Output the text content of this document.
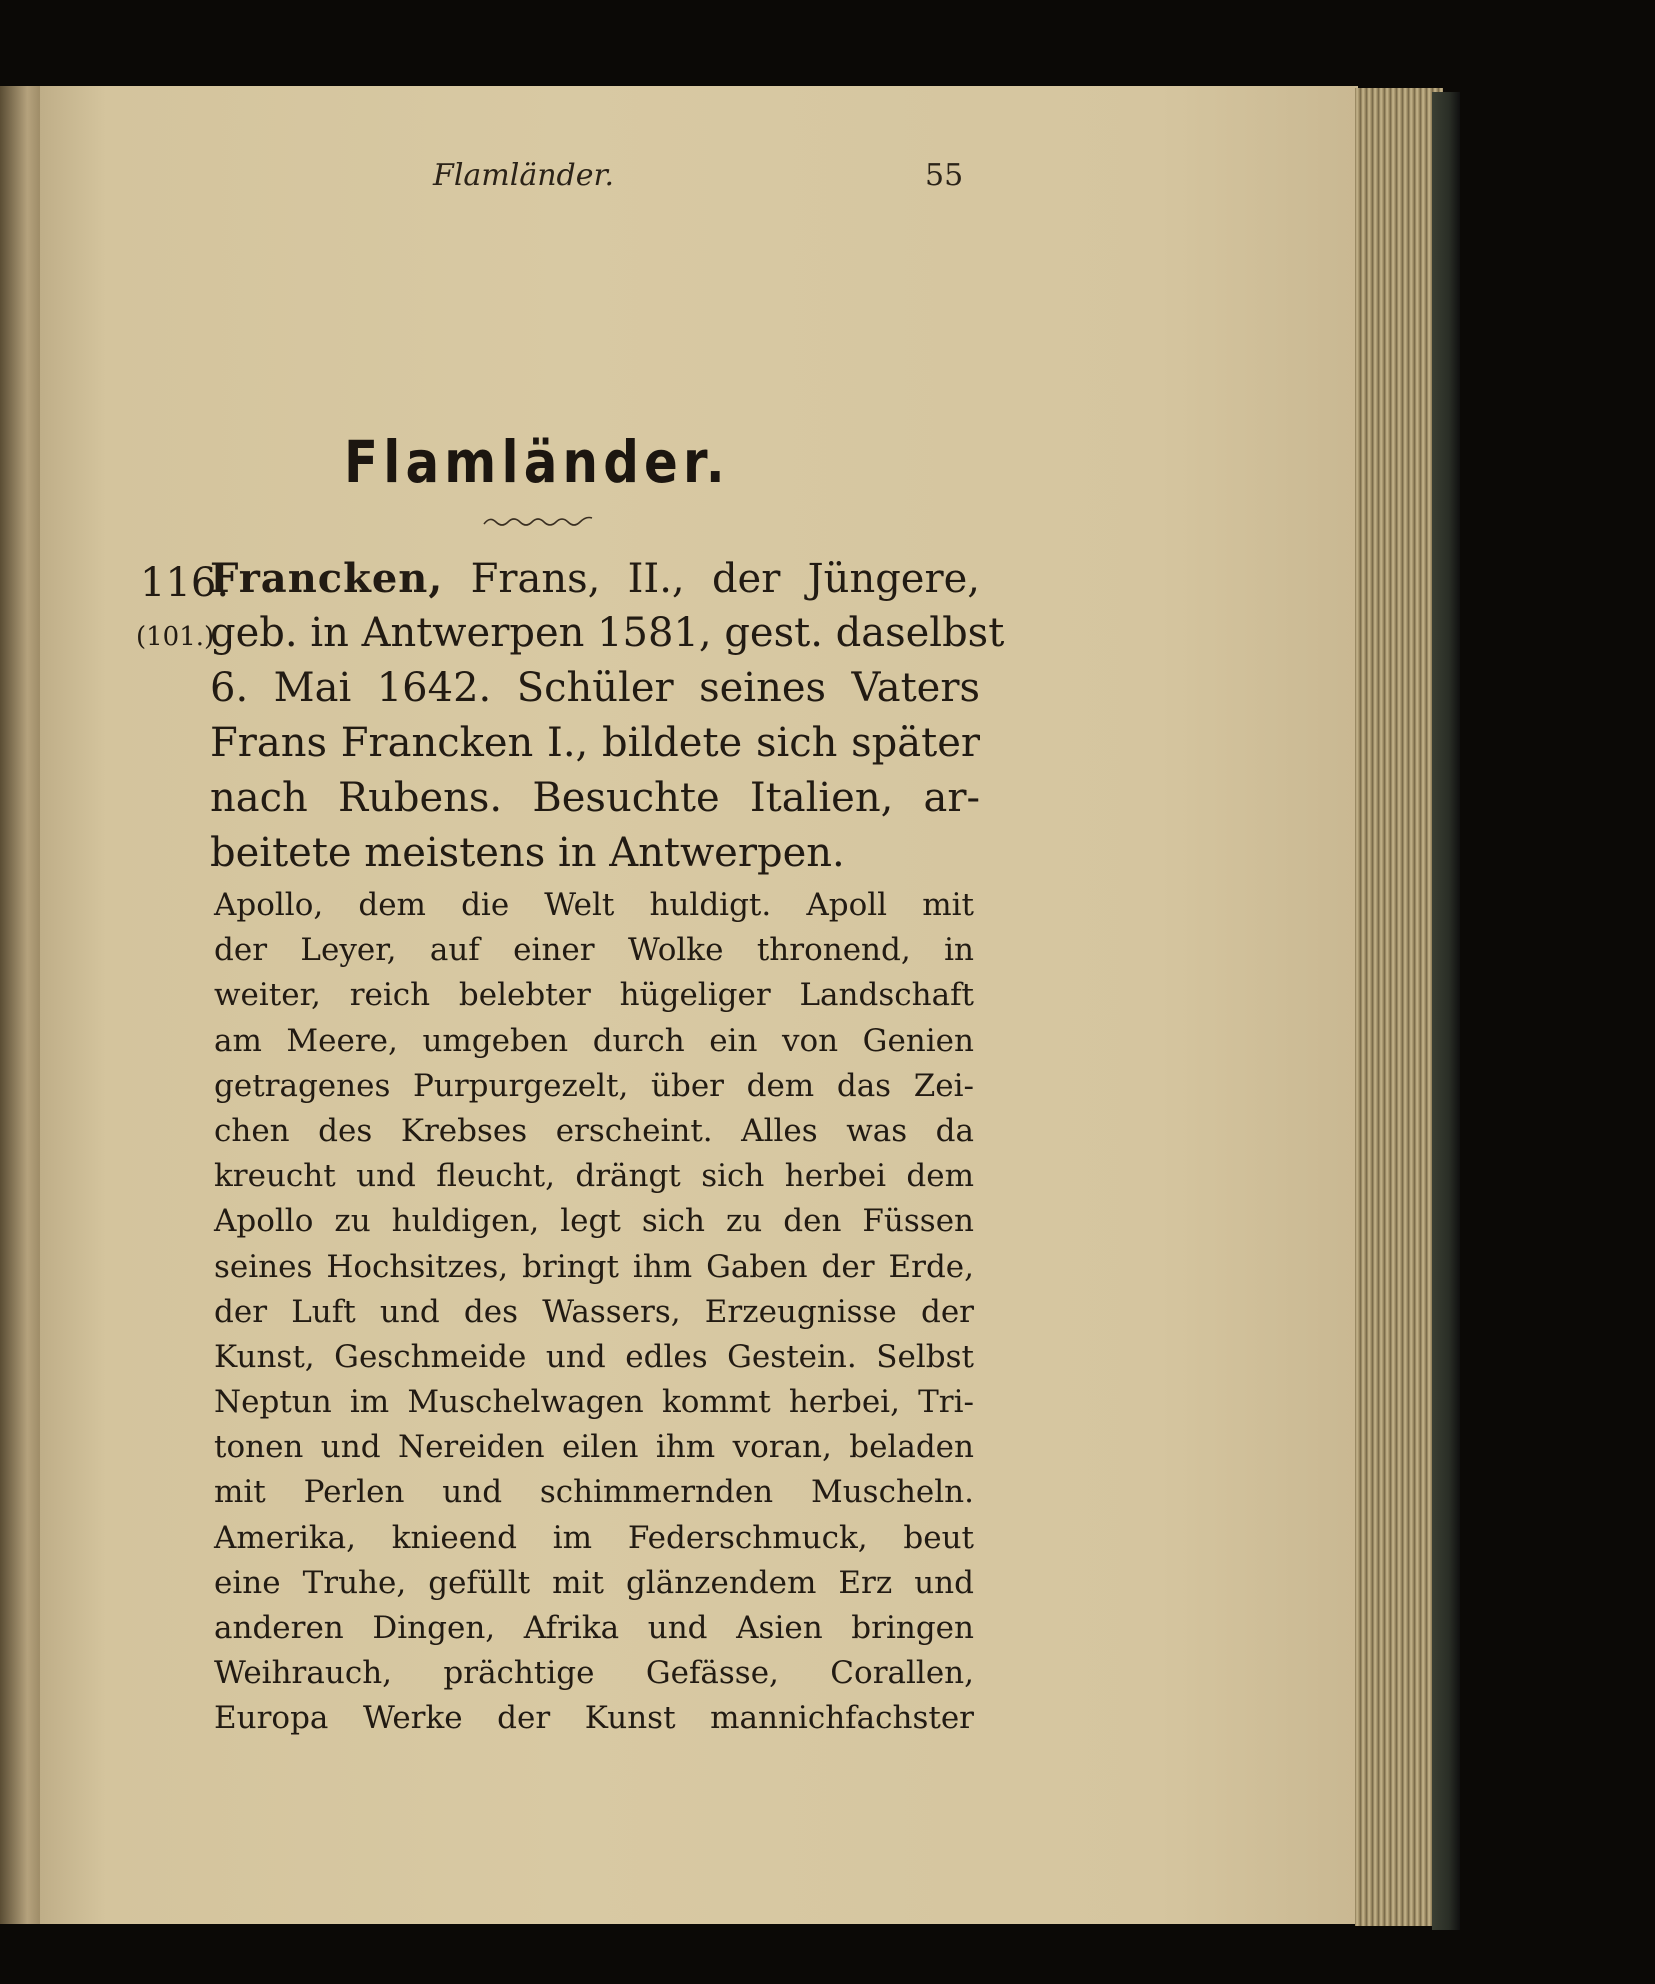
Flamländer.	55
Flamländer.
116.
(101.)
Francken, Frans, II., der Jüngere,
geb. in Antwerpen 1581, gest. daselbst
6. Mai 1642. Schüler seines Vaters
Frans Francken I., bildete sich später
nach Rubens. Besuchte Italien, ar-
beitete meistens in Antwerpen.
Apollo, dem die Welt huldigt. Apoll mit
der Leyer, auf einer Wolke thronend, in
weiter, reich belebter hügeliger Landschaft
am Meere, umgeben durch ein von Genien
getragenes Purpurgezelt, über dem das Zei-
chen des Krebses erscheint. Alles was da
kreucht und fleucht, drängt sich herbei dem
Apollo zu huldigen, legt sich zu den Füssen
seines Hochsitzes, bringt ihm Gaben der Erde,
der Luft und des Wassers, Erzeugnisse der
Kunst, Geschmeide und edles Gestein. Selbst
Neptun im Muschelwagen kommt herbei, Tri-
tonen und Nereiden eilen ihm voran, beladen
mit Perlen und schimmernden Muscheln.
Amerika, knieend im Federschmuck, beut
eine Truhe, gefüllt mit glänzendem Erz und
anderen Dingen, Afrika und Asien bringen
Weihrauch, prächtige Gefässe, Corallen,
Europa Werke der Kunst mannichfachster
